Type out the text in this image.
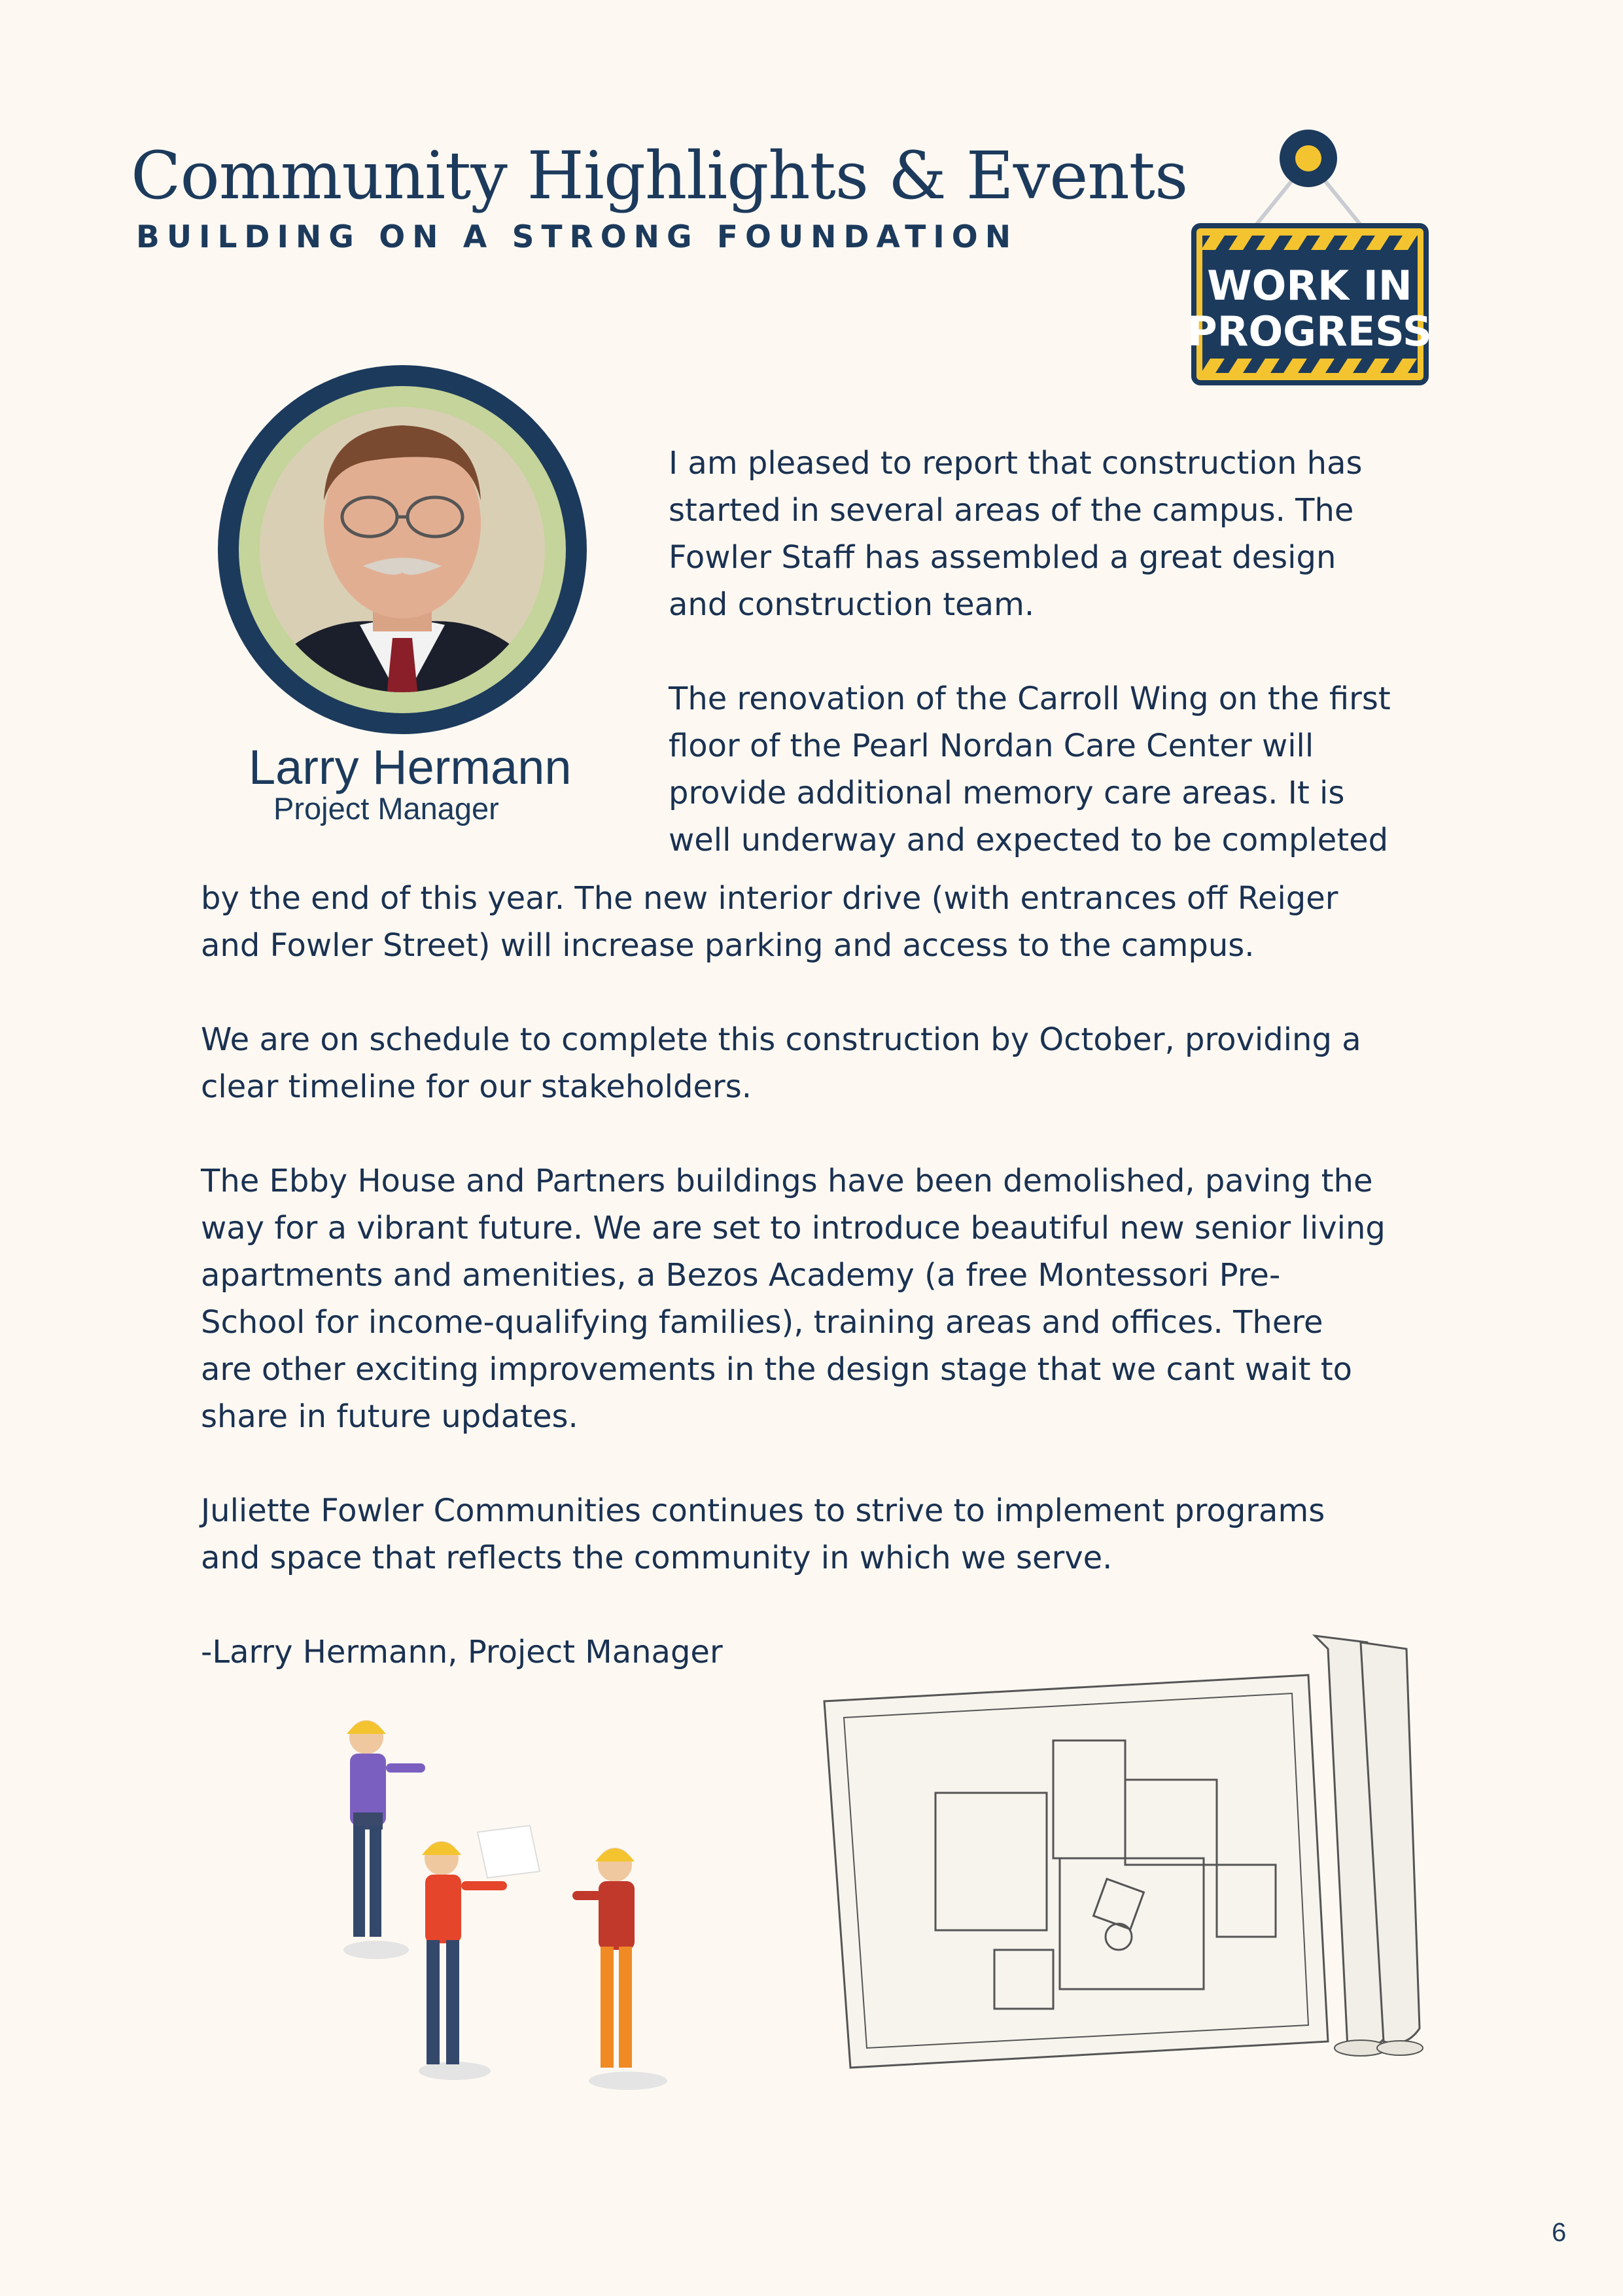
Community Highlights & Events
BUILDING ON A STRONG FOUNDATION
WORK IN
PROGRESS
Larry Hermann
Project Manager
I am pleased to report that construction has
started in several areas of the campus. The
Fowler Staff has assembled a great design
and construction team.
The renovation of the Carroll Wing on the first
floor of the Pearl Nordan Care Center will
provide additional memory care areas. It is
well underway and expected to be completed
by the end of this year. The new interior drive (with entrances off Reiger
and Fowler Street) will increase parking and access to the campus.
We are on schedule to complete this construction by October, providing a
clear timeline for our stakeholders.
The Ebby House and Partners buildings have been demolished, paving the
way for a vibrant future. We are set to introduce beautiful new senior living
apartments and amenities, a Bezos Academy (a free Montessori Pre-
School for income-qualifying families), training areas and offices. There
are other exciting improvements in the design stage that we cant wait to
share in future updates.
Juliette Fowler Communities continues to strive to implement programs
and space that reflects the community in which we serve.
-Larry Hermann, Project Manager
6
